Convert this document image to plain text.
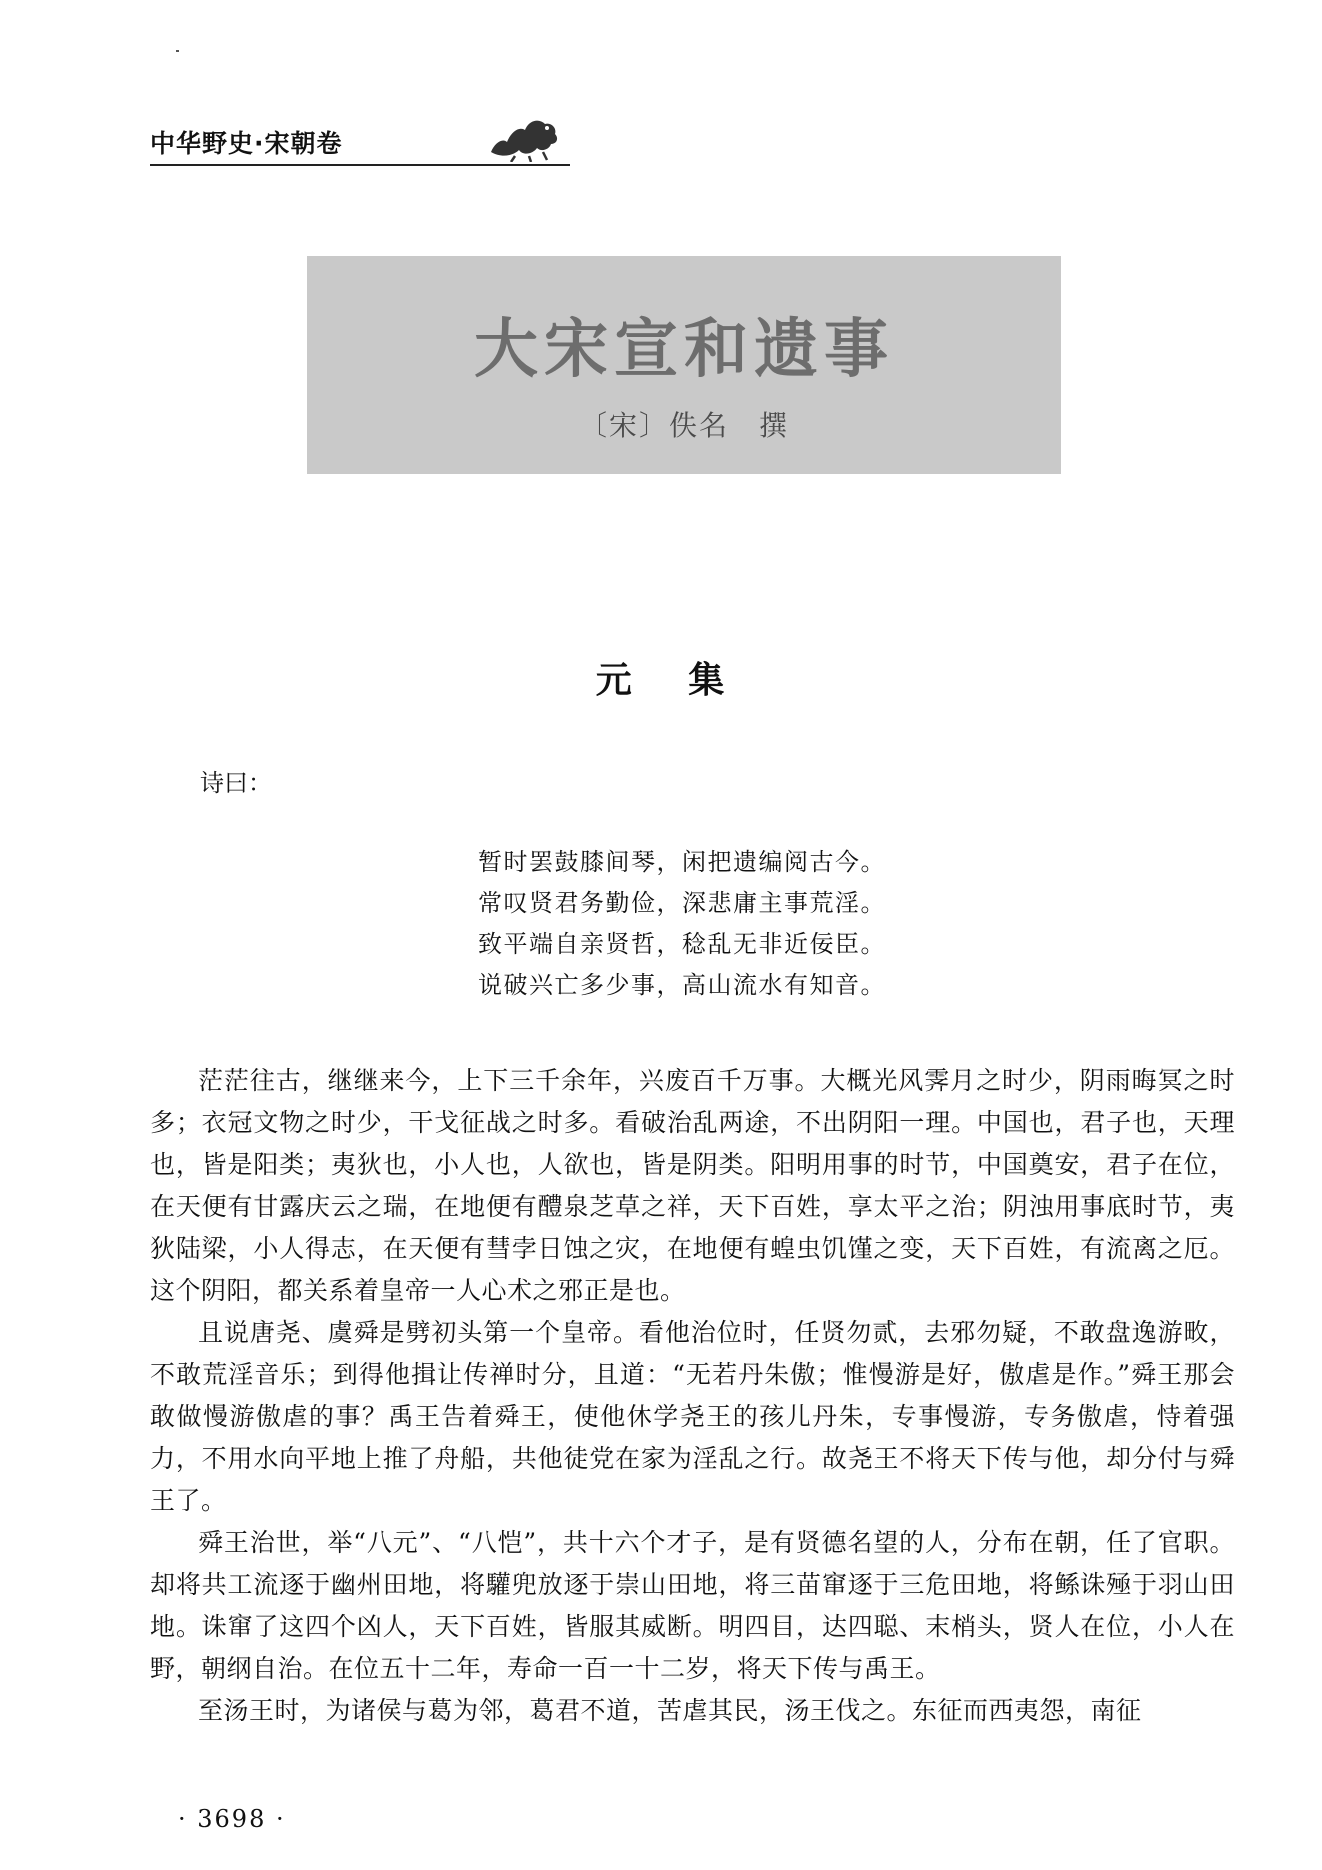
中华野史·宋朝卷
大宋宣和遗事
〔宋〕佚名　撰
元 集
诗曰：
暂时罢鼓膝间琴，闲把遗编阅古今。
常叹贤君务勤俭，深悲庸主事荒淫。
致平端自亲贤哲，稔乱无非近佞臣。
说破兴亡多少事，高山流水有知音。

茫茫往古，继继来今，上下三千余年，兴废百千万事。大概光风霁月之时少，阴雨晦冥之时多；衣冠文物之时少，干戈征战之时多。看破治乱两途，不出阴阳一理。中国也，君子也，天理也，皆是阳类；夷狄也，小人也，人欲也，皆是阴类。阳明用事的时节，中国奠安，君子在位，在天便有甘露庆云之瑞，在地便有醴泉芝草之祥，天下百姓，享太平之治；阴浊用事底时节，夷狄陆梁，小人得志，在天便有彗孛日蚀之灾，在地便有蝗虫饥馑之变，天下百姓，有流离之厄。这个阴阳，都关系着皇帝一人心术之邪正是也。

且说唐尧、虞舜是劈初头第一个皇帝。看他治位时，任贤勿贰，去邪勿疑，不敢盘逸游畋，不敢荒淫音乐；到得他揖让传禅时分，且道：“无若丹朱傲；惟慢游是好，傲虐是作。”舜王那会敢做慢游傲虐的事？禹王告着舜王，使他休学尧王的孩儿丹朱，专事慢游，专务傲虐，恃着强力，不用水向平地上推了舟船，共他徒党在家为淫乱之行。故尧王不将天下传与他，却分付与舜王了。

舜王治世，举“八元”、“八恺”，共十六个才子，是有贤德名望的人，分布在朝，任了官职。却将共工流逐于幽州田地，将驩兜放逐于崇山田地，将三苗窜逐于三危田地，将鲧诛殛于羽山田地。诛窜了这四个凶人，天下百姓，皆服其威断。明四目，达四聪、末梢头，贤人在位，小人在野，朝纲自治。在位五十二年，寿命一百一十二岁，将天下传与禹王。

至汤王时，为诸侯与葛为邻，葛君不道，苦虐其民，汤王伐之。东征而西夷怨，南征

· 3698 ·
